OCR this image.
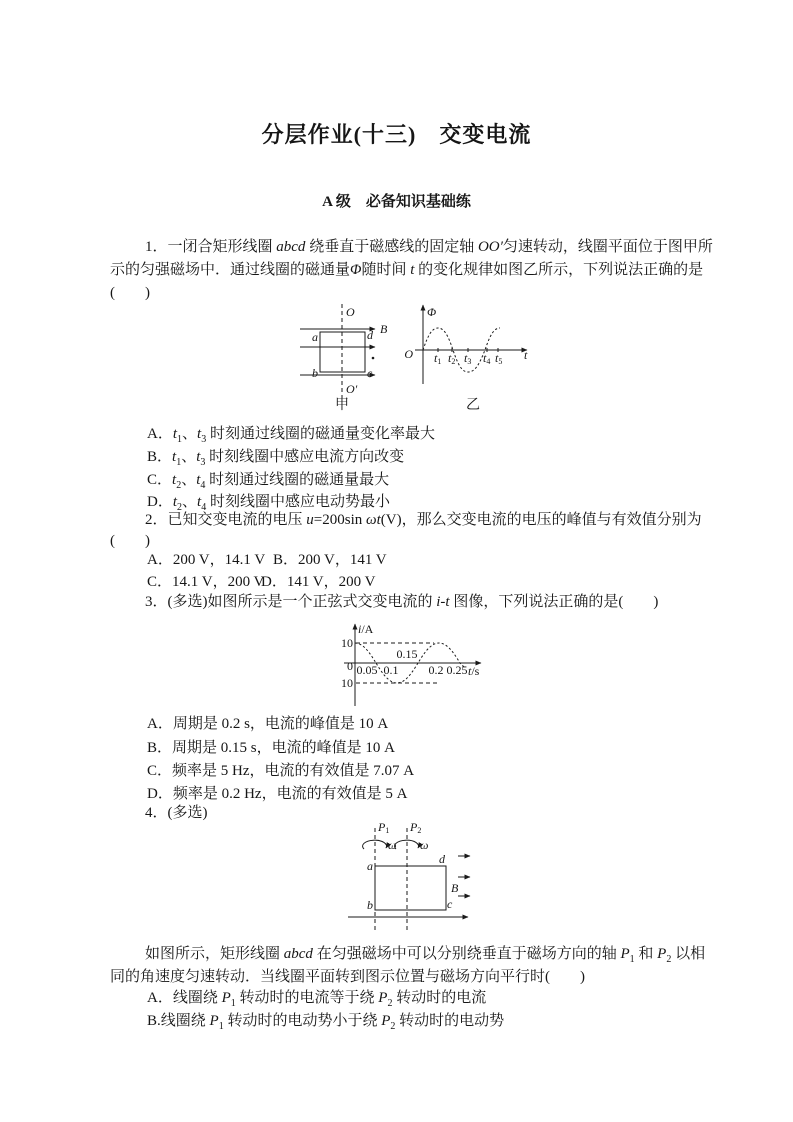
分层作业(十三)　交变电流
A 级　必备知识基础练
1．一闭合矩形线圈 abcd 绕垂直于磁感线的固定轴 OO′匀速转动，线圈平面位于图甲所
示的匀强磁场中．通过线圈的磁通量Φ随时间 t 的变化规律如图乙所示，下列说法正确的是
(　　)
B
O
O′
a	d
b	c
甲
Φ
O t1 t2 t3 t4 t5 t
乙
A．$t_1$、$t_3$ 时刻通过线圈的磁通量变化率最大
B．$t_1$、$t_3$ 时刻线圈中感应电流方向改变
C．$t_2$、$t_4$ 时刻通过线圈的磁通量最大
D．$t_2$、$t_4$ 时刻线圈中感应电动势最小
2．已知交变电流的电压 u=200sin ωt(V)，那么交变电流的电压的峰值与有效值分别为
(　　)
A．200 V，14.1 V B．200 V，141 V
C．14.1 V，200 V
D．141 V，200 V
3．(多选)如图所示是一个正弦式交变电流的 i-t 图像，下列说法正确的是(　　)
i/A
10
0
10
0.05 0.1
0.15
0.2 0.25 t/s
A．周期是 0.2 s，电流的峰值是 10 A
B．周期是 0.15 s，电流的峰值是 10 A
C．频率是 5 Hz，电流的有效值是 7.07 A
D．频率是 0.2 Hz，电流的有效值是 5 A
4．(多选)
P1 P2
ω ω
a	d
b	c
B
如图所示，矩形线圈 abcd 在匀强磁场中可以分别绕垂直于磁场方向的轴 $P_1$ 和 $P_2$ 以相
同的角速度匀速转动．当线圈平面转到图示位置与磁场方向平行时(　　)
A．线圈绕 $P_1$ 转动时的电流等于绕 $P_2$ 转动时的电流
B.线圈绕 $P_1$ 转动时的电动势小于绕 $P_2$ 转动时的电动势
